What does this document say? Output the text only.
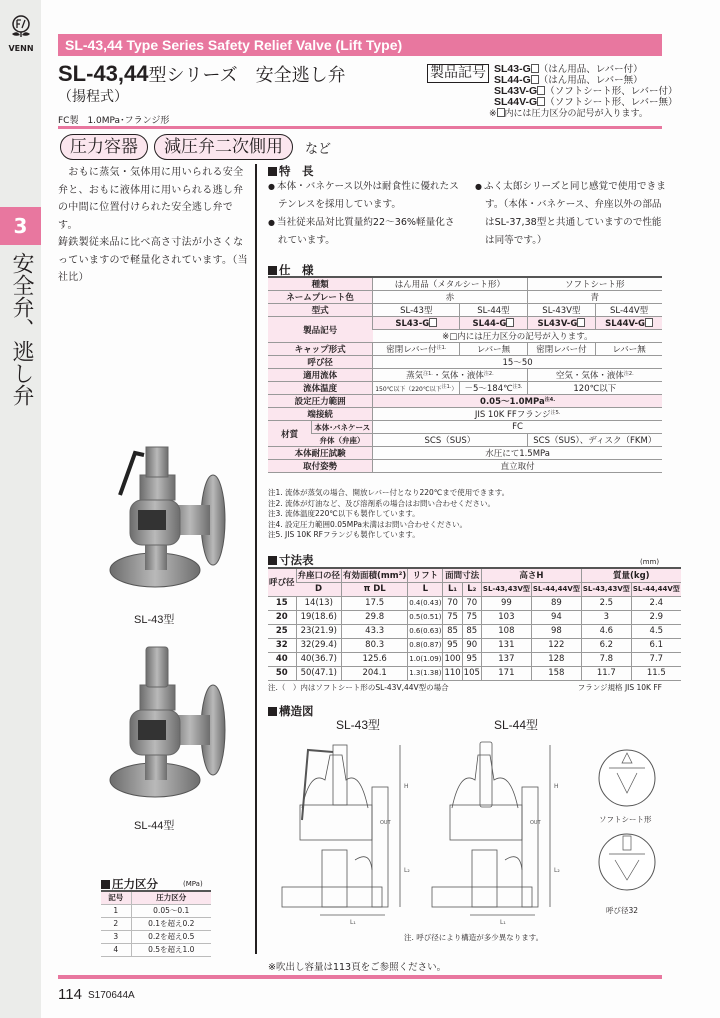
VENN
3
安全弁、逃し弁
SL-43,44 Type Series Safety Relief Valve (Lift Type)
SL-43,44型シリーズ　安全逃し弁
（揚程式）
FC製　1.0MPa･フランジ形
製品記号 SL43-G （はん用品、レバー付）
SL44-G （はん用品、レバー無）
SL43V-G （ソフトシート形、レバー付）
SL44V-G （ソフトシート形、レバー無）
※ 内には圧力区分の記号が入ります。
圧力容器	減圧弁二次側用	など
　おもに蒸気・気体用に用いられる安全弁と、おもに液体用に用いられる逃し弁の中間に位置付けられた安全逃し弁です。
鋳鉄製従来品に比べ高さ寸法が小さくなっていますので軽量化されています。（当社比）
特　長
● 本体・バネケース以外は耐食性に優れたステンレスを採用しています。
● 当社従来品対比質量約22～36%軽量化されています。
● ふく太郎シリーズと同じ感覚で使用できます。（本体・バネケース、弁座以外の部品はSL-37,38型と共通していますので性能は同等です。）
仕　様
種類		はん用品（メタルシート形）		ソフトシート形	
ネームプレート色		赤		青	
型式		SL-43型	SL-44型	SL-43V型	SL-44V型
製品記号		SL43-G	SL44-G	SL43V-G	SL44V-G
		※□内には圧力区分の記号が入ります。			
キャップ形式		密閉レバー付$^{注1.}$	レバー無	密閉レバー付	レバー無
呼び径		15～50			
適用流体		蒸気$^{注1.}$・気体・液体$^{注2.}$		空気・気体・液体$^{注2.}$
流体温度		150℃以下（220℃以下$^{注1.}$）	－5～184℃$^{注3.}$	120℃以下	
設定圧力範囲		0.05～1.0MPa$^{注4.}$
端接続		JIS 10K FFフランジ$^{注5.}$
材質	本体･バネケース	FC			
	弁体（弁座）	SCS（SUS）		SCS（SUS）、ディスク（FKM）	
本体耐圧試験		水圧にて1.5MPa			
取付姿勢		直立取付			
注1. 流体が蒸気の場合、開放レバー付となり220℃まで使用できます。
注2. 流体が灯油など、及び溶剤系の場合はお問い合わせください。
注3. 流体温度220℃以下も製作しています。
注4. 設定圧力範囲0.05MPa未満はお問い合わせください。
注5. JIS 10K RFフランジも製作しています。
寸法表	(mm)
呼び径	弁座口の径	有効面積(mm²)	リフト	面間寸法		高さH		質量(kg)	
	D	π DL	L	L₁	L₂	SL-43,43V型	SL-44,44V型	SL-43,43V型	SL-44,44V型
15	14(13)	17.5	0.4(0.43)	70	70	99	89	2.5	2.4
20	19(18.6)	29.8	0.5(0.51)	75	75	103	94	3	2.9
25	23(21.9)	43.3	0.6(0.63)	85	85	108	98	4.6	4.5
32	32(29.4)	80.3	0.8(0.87)	95	90	131	122	6.2	6.1
40	40(36.7)	125.6	1.0(1.09)	100	95	137	128	7.8	7.7
50	50(47.1)	204.1	1.3(1.38)	110	105	171	158	11.7	11.5
注.（　）内はソフトシート形のSL-43V,44V型の場合	フランジ規格 JIS 10K FF
SL-43型
SL-44型
圧力区分	(MPa)
記号	圧力区分
1	0.05～0.1
2	0.1を超え0.2
3	0.2を超え0.5
4	0.5を超え1.0
構造図
SL-43型	SL-44型
H
L₂
L₁
OUT
H
L₂
L₁
OUT	ソフトシート形
呼び径32
注. 呼び径により構造が多少異なります。
※吹出し容量は113頁をご参照ください。
114 S170644A
